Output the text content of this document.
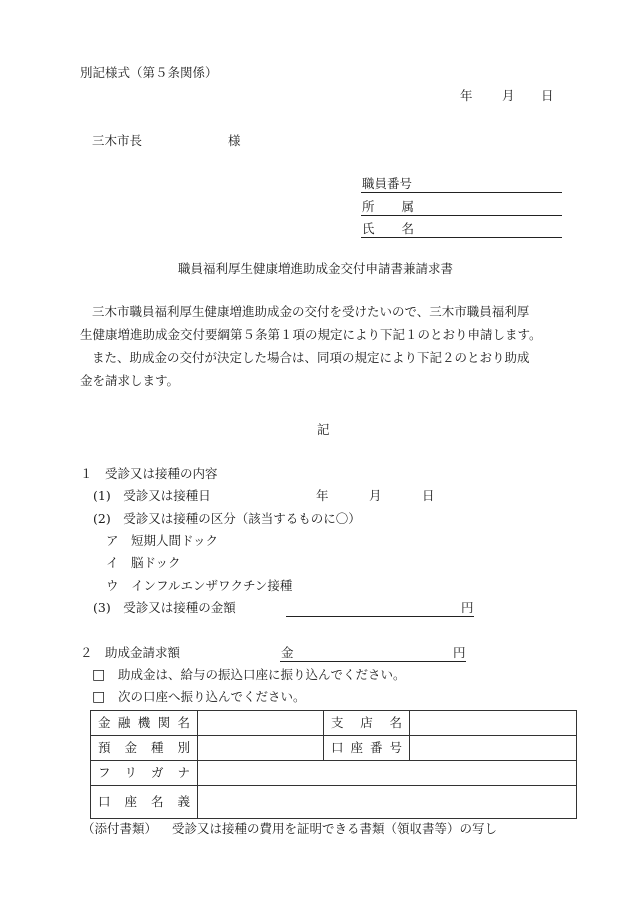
別記様式（第５条関係）
年 月 日
三木市長	様
職員番号
所 属
氏 名
職員福利厚生健康増進助成金交付申請書兼請求書
三木市職員福利厚生健康増進助成金の交付を受けたいので、三木市職員福利厚
生健康増進助成金交付要綱第５条第１項の規定により下記１のとおり申請します。
また、助成金の交付が決定した場合は、同項の規定により下記２のとおり助成
金を請求します。
記
１　受診又は接種の内容
(1)　受診又は接種日	年	月	日
(2)　受診又は接種の区分（該当するものに〇）
ア　短期人間ドック
イ　脳ドック
ウ　インフルエンザワクチン接種
(3)　受診又は接種の金額	円
２　助成金請求額	金	円
□ 助成金は、給与の振込口座に振り込んでください。
□ 次の口座へ振り込んでください。
金 融 機 関 名		支 店 名	

預 金 種 別		口 座 番 号	

フ リ ガ ナ			

口 座 名 義			

（添付書類） 受診又は接種の費用を証明できる書類（領収書等）の写し
